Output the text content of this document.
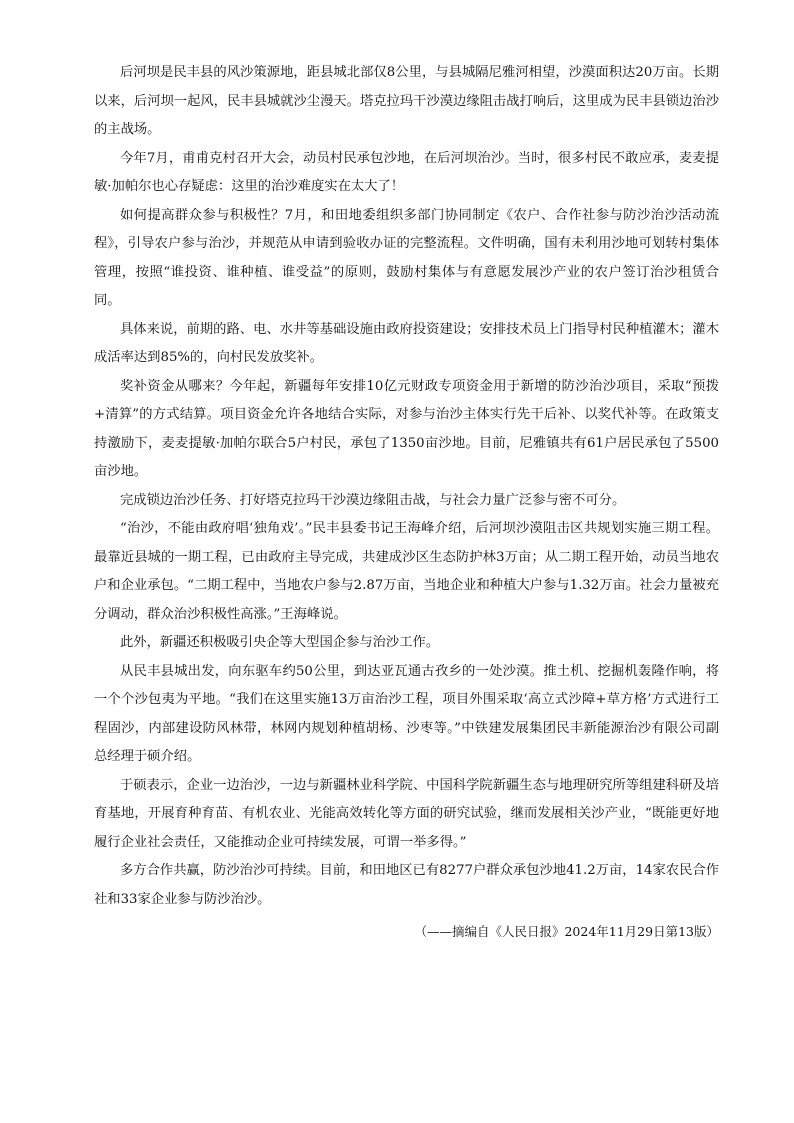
后河坝是民丰县的风沙策源地，距县城北部仅8公里，与县城隔尼雅河相望，沙漠面积达20万亩。长期以来，后河坝一起风，民丰县城就沙尘漫天。塔克拉玛干沙漠边缘阻击战打响后，这里成为民丰县锁边治沙的主战场。

今年7月，甫甫克村召开大会，动员村民承包沙地，在后河坝治沙。当时，很多村民不敢应承，麦麦提敏·加帕尔也心存疑虑：这里的治沙难度实在太大了！

如何提高群众参与积极性？7月，和田地委组织多部门协同制定《农户、合作社参与防沙治沙活动流程》，引导农户参与治沙，并规范从申请到验收办证的完整流程。文件明确，国有未利用沙地可划转村集体管理，按照“谁投资、谁种植、谁受益”的原则，鼓励村集体与有意愿发展沙产业的农户签订治沙租赁合同。

具体来说，前期的路、电、水井等基础设施由政府投资建设；安排技术员上门指导村民种植灌木；灌木成活率达到85%的，向村民发放奖补。

奖补资金从哪来？今年起，新疆每年安排10亿元财政专项资金用于新增的防沙治沙项目，采取“预拨+清算”的方式结算。项目资金允许各地结合实际，对参与治沙主体实行先干后补、以奖代补等。在政策支持激励下，麦麦提敏·加帕尔联合5户村民，承包了1350亩沙地。目前，尼雅镇共有61户居民承包了5500亩沙地。

完成锁边治沙任务、打好塔克拉玛干沙漠边缘阻击战，与社会力量广泛参与密不可分。

“治沙，不能由政府唱‘独角戏’。”民丰县委书记王海峰介绍，后河坝沙漠阻击区共规划实施三期工程。最靠近县城的一期工程，已由政府主导完成，共建成沙区生态防护林3万亩；从二期工程开始，动员当地农户和企业承包。“二期工程中，当地农户参与2.87万亩，当地企业和种植大户参与1.32万亩。社会力量被充分调动，群众治沙积极性高涨。”王海峰说。

此外，新疆还积极吸引央企等大型国企参与治沙工作。

从民丰县城出发，向东驱车约50公里，到达亚瓦通古孜乡的一处沙漠。推土机、挖掘机轰隆作响，将一个个沙包夷为平地。“我们在这里实施13万亩治沙工程，项目外围采取‘高立式沙障+草方格’方式进行工程固沙，内部建设防风林带，林网内规划种植胡杨、沙枣等。”中铁建发展集团民丰新能源治沙有限公司副总经理于硕介绍。

于硕表示，企业一边治沙，一边与新疆林业科学院、中国科学院新疆生态与地理研究所等组建科研及培育基地，开展育种育苗、有机农业、光能高效转化等方面的研究试验，继而发展相关沙产业，“既能更好地履行企业社会责任，又能推动企业可持续发展，可谓一举多得。”

多方合作共赢，防沙治沙可持续。目前，和田地区已有8277户群众承包沙地41.2万亩，14家农民合作社和33家企业参与防沙治沙。

（——摘编自《人民日报》2024年11月29日第13版）
